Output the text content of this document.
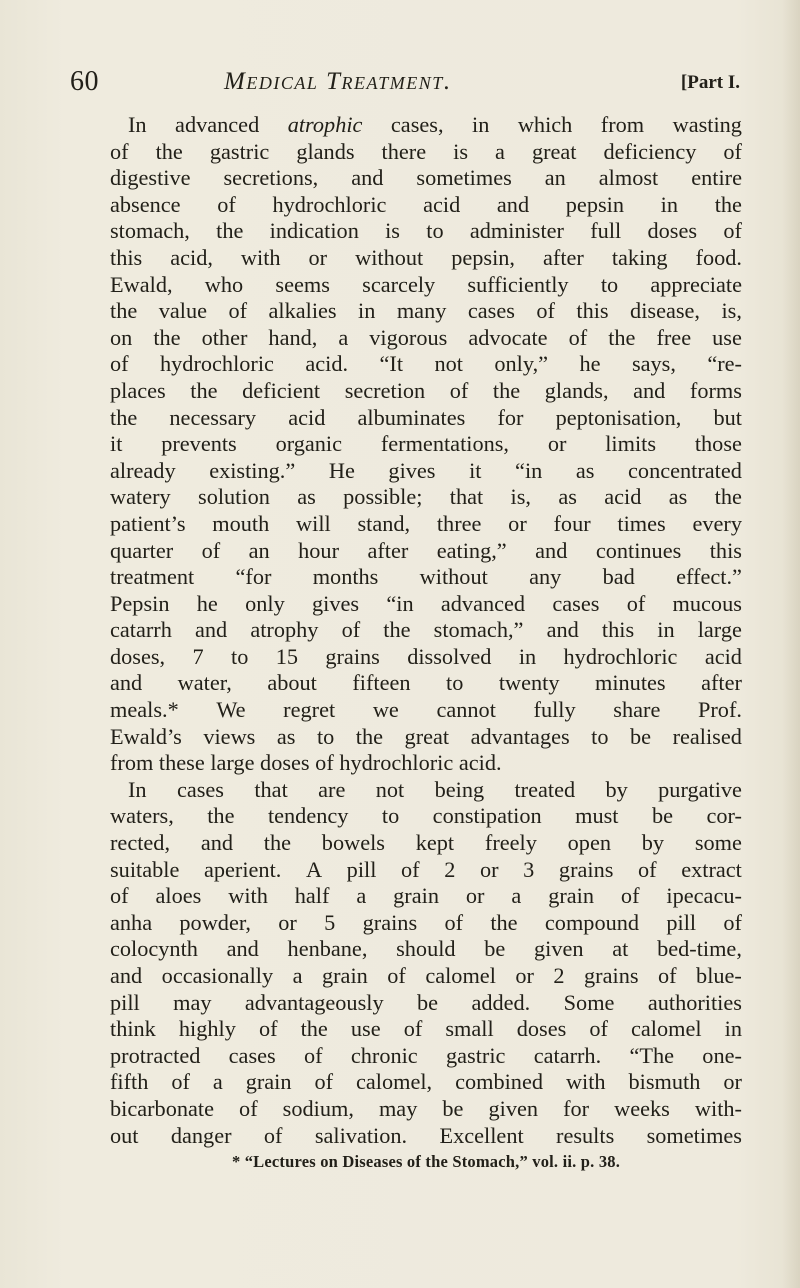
60	Medical Treatment.	[Part I.
In advanced atrophic cases, in which from wasting
of the gastric glands there is a great deficiency of
digestive secretions, and sometimes an almost entire
absence of hydrochloric acid and pepsin in the
stomach, the indication is to administer full doses of
this acid, with or without pepsin, after taking food.
Ewald, who seems scarcely sufficiently to appreciate
the value of alkalies in many cases of this disease, is,
on the other hand, a vigorous advocate of the free use
of hydrochloric acid. “It not only,” he says, “re-
places the deficient secretion of the glands, and forms
the necessary acid albuminates for peptonisation, but
it prevents organic fermentations, or limits those
already existing.” He gives it “in as concentrated
watery solution as possible; that is, as acid as the
patient’s mouth will stand, three or four times every
quarter of an hour after eating,” and continues this
treatment “for months without any bad effect.”
Pepsin he only gives “in advanced cases of mucous
catarrh and atrophy of the stomach,” and this in large
doses, 7 to 15 grains dissolved in hydrochloric acid
and water, about fifteen to twenty minutes after
meals.* We regret we cannot fully share Prof.
Ewald’s views as to the great advantages to be realised
from these large doses of hydrochloric acid.
In cases that are not being treated by purgative
waters, the tendency to constipation must be cor-
rected, and the bowels kept freely open by some
suitable aperient. A pill of 2 or 3 grains of extract
of aloes with half a grain or a grain of ipecacu-
anha powder, or 5 grains of the compound pill of
colocynth and henbane, should be given at bed-time,
and occasionally a grain of calomel or 2 grains of blue-
pill may advantageously be added. Some authorities
think highly of the use of small doses of calomel in
protracted cases of chronic gastric catarrh. “The one-
fifth of a grain of calomel, combined with bismuth or
bicarbonate of sodium, may be given for weeks with-
out danger of salivation. Excellent results sometimes
* “Lectures on Diseases of the Stomach,” vol. ii. p. 38.
